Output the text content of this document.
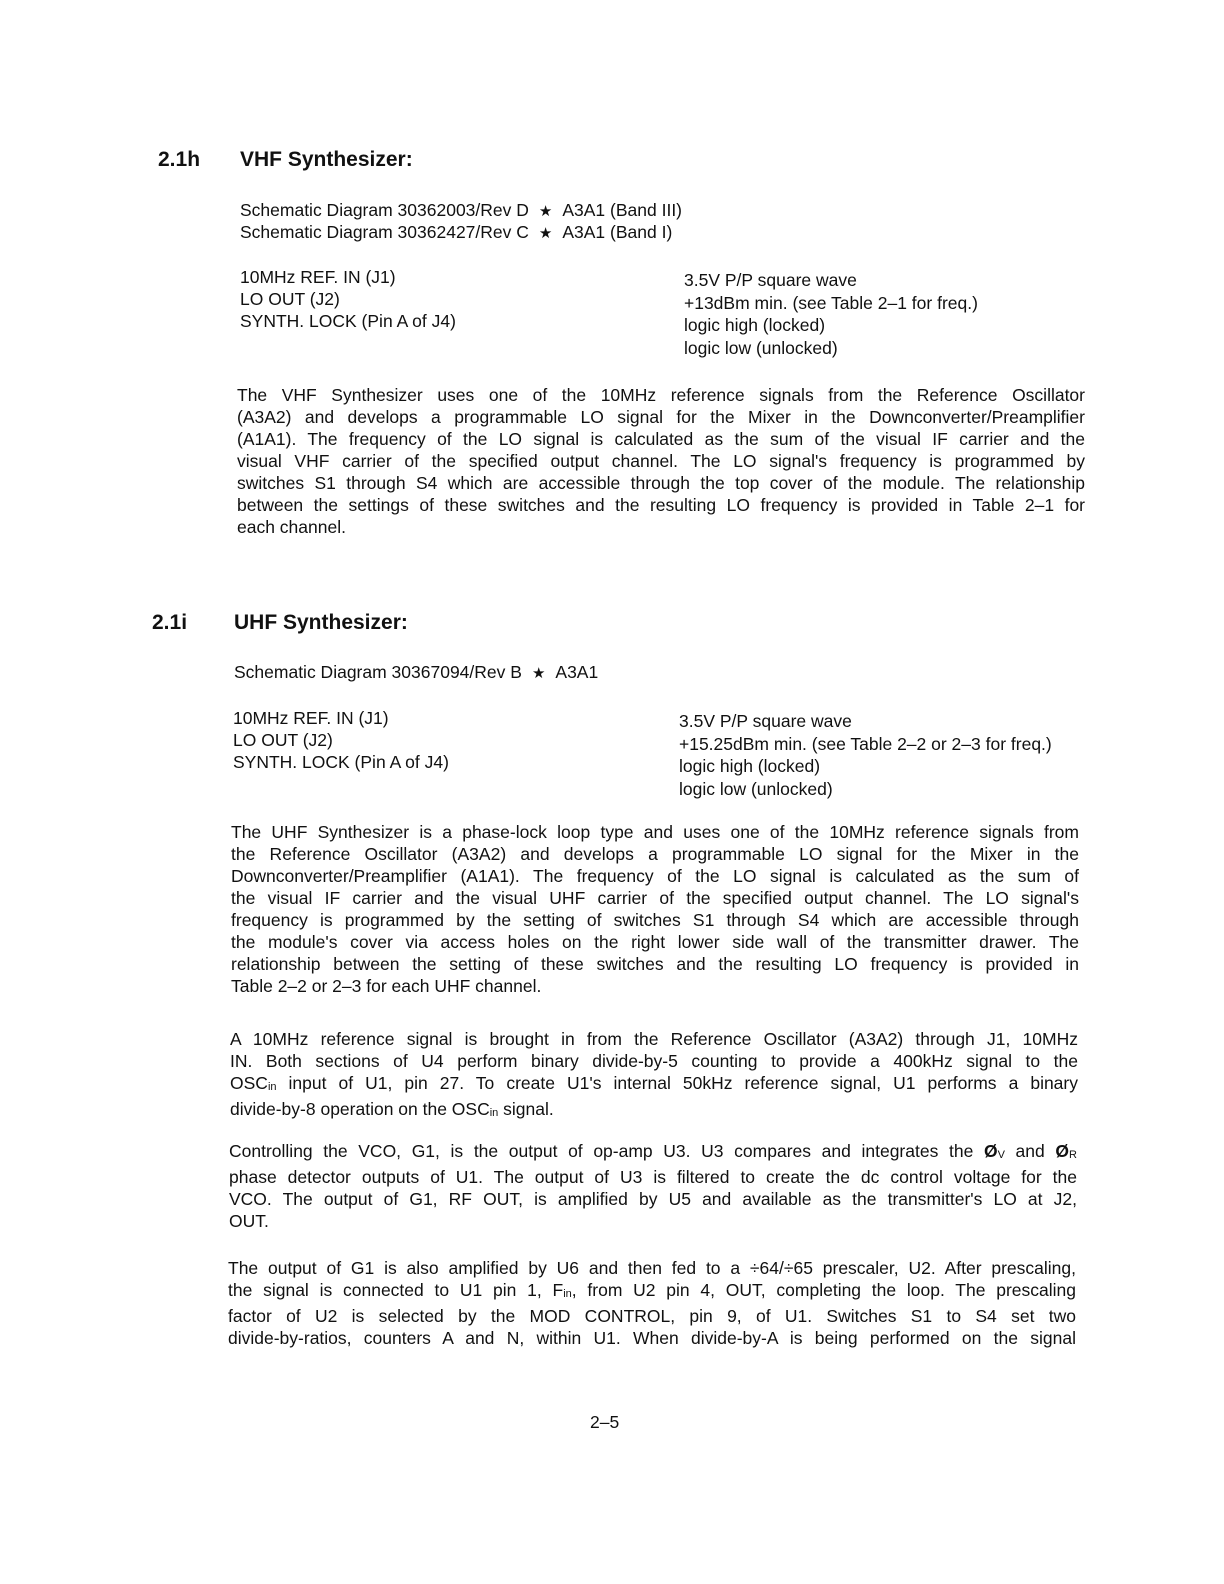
2.1h VHF Synthesizer:
Schematic Diagram 30362003/Rev D ★ A3A1 (Band III)
Schematic Diagram 30362427/Rev C ★ A3A1 (Band I)
10MHz REF. IN (J1)
LO OUT (J2)
SYNTH. LOCK (Pin A of J4)
3.5V P/P square wave
+13dBm min. (see Table 2–1 for freq.)
logic high (locked)
logic low (unlocked)
The VHF Synthesizer uses one of the 10MHz reference signals from the Reference Oscillator
(A3A2) and develops a programmable LO signal for the Mixer in the Downconverter/Preamplifier
(A1A1). The frequency of the LO signal is calculated as the sum of the visual IF carrier and the
visual VHF carrier of the specified output channel. The LO signal's frequency is programmed by
switches S1 through S4 which are accessible through the top cover of the module. The relationship
between the settings of these switches and the resulting LO frequency is provided in Table 2–1 for
each channel.
2.1i UHF Synthesizer:
Schematic Diagram 30367094/Rev B ★ A3A1
10MHz REF. IN (J1)
LO OUT (J2)
SYNTH. LOCK (Pin A of J4)
3.5V P/P square wave
+15.25dBm min. (see Table 2–2 or 2–3 for freq.)
logic high (locked)
logic low (unlocked)
The UHF Synthesizer is a phase-lock loop type and uses one of the 10MHz reference signals from
the Reference Oscillator (A3A2) and develops a programmable LO signal for the Mixer in the
Downconverter/Preamplifier (A1A1). The frequency of the LO signal is calculated as the sum of
the visual IF carrier and the visual UHF carrier of the specified output channel. The LO signal's
frequency is programmed by the setting of switches S1 through S4 which are accessible through
the module's cover via access holes on the right lower side wall of the transmitter drawer. The
relationship between the setting of these switches and the resulting LO frequency is provided in
Table 2–2 or 2–3 for each UHF channel.
A 10MHz reference signal is brought in from the Reference Oscillator (A3A2) through J1, 10MHz
IN. Both sections of U4 perform binary divide-by-5 counting to provide a 400kHz signal to the
OSCin input of U1, pin 27. To create U1's internal 50kHz reference signal, U1 performs a binary
divide-by-8 operation on the OSCin signal.
Controlling the VCO, G1, is the output of op-amp U3. U3 compares and integrates the ØV and ØR
phase detector outputs of U1. The output of U3 is filtered to create the dc control voltage for the
VCO. The output of G1, RF OUT, is amplified by U5 and available as the transmitter's LO at J2,
OUT.
The output of G1 is also amplified by U6 and then fed to a ÷64/÷65 prescaler, U2. After prescaling,
the signal is connected to U1 pin 1, Fin, from U2 pin 4, OUT, completing the loop. The prescaling
factor of U2 is selected by the MOD CONTROL, pin 9, of U1. Switches S1 to S4 set two
divide-by-ratios, counters A and N, within U1. When divide-by-A is being performed on the signal
2–5
